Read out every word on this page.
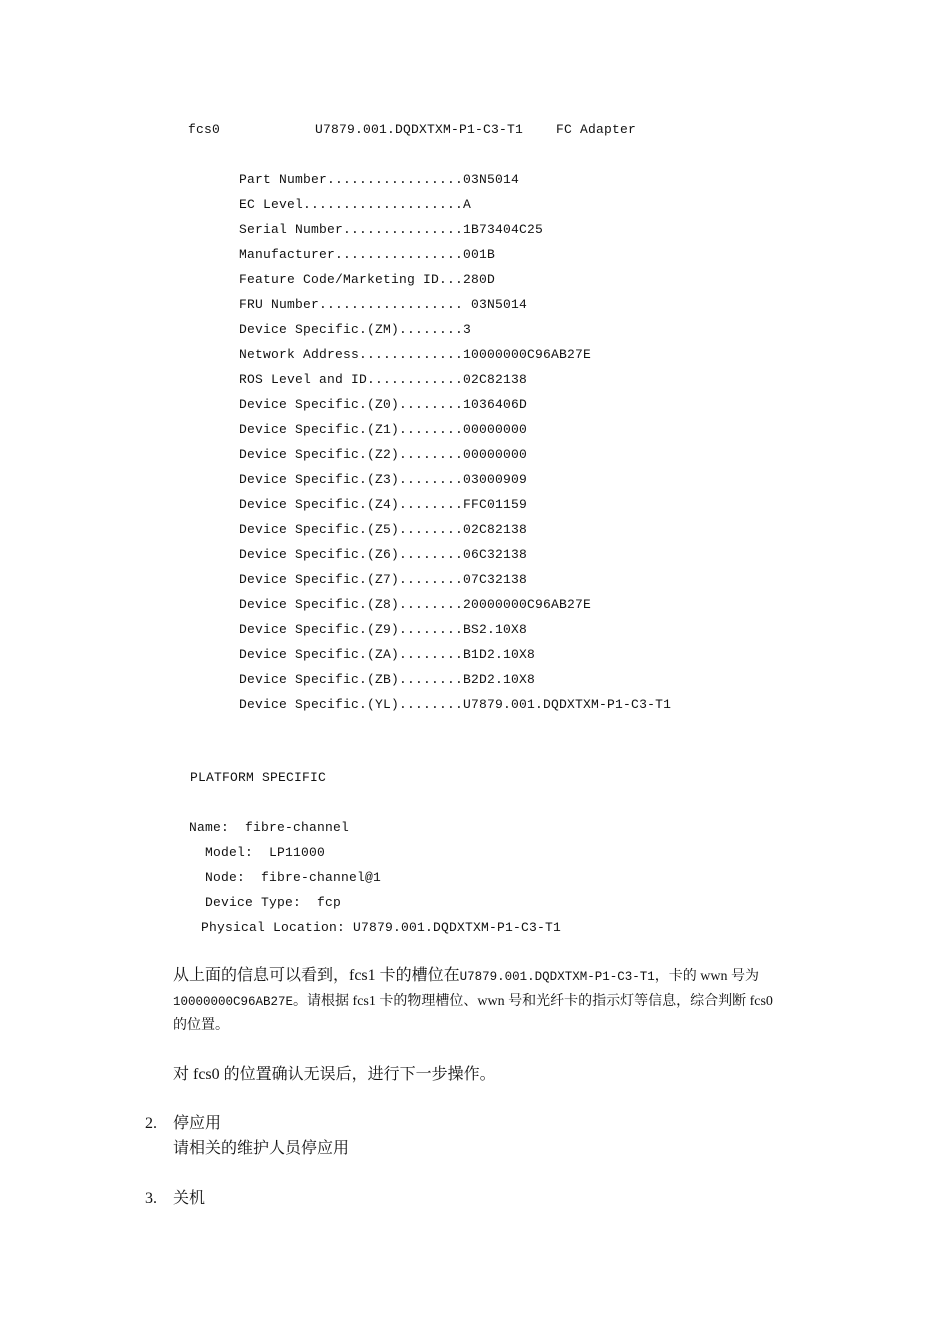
fcs0	U7879.001.DQDXTXM-P1-C3-T1	FC Adapter
Part Number.................03N5014
EC Level....................A
Serial Number...............1B73404C25
Manufacturer................001B
Feature Code/Marketing ID...280D
FRU Number.................. 03N5014
Device Specific.(ZM)........3
Network Address.............10000000C96AB27E
ROS Level and ID............02C82138
Device Specific.(Z0)........1036406D
Device Specific.(Z1)........00000000
Device Specific.(Z2)........00000000
Device Specific.(Z3)........03000909
Device Specific.(Z4)........FFC01159
Device Specific.(Z5)........02C82138
Device Specific.(Z6)........06C32138
Device Specific.(Z7)........07C32138
Device Specific.(Z8)........20000000C96AB27E
Device Specific.(Z9)........BS2.10X8
Device Specific.(ZA)........B1D2.10X8
Device Specific.(ZB)........B2D2.10X8
Device Specific.(YL)........U7879.001.DQDXTXM-P1-C3-T1
PLATFORM SPECIFIC
Name:  fibre-channel
Model:  LP11000
Node:  fibre-channel@1
Device Type:  fcp
Physical Location: U7879.001.DQDXTXM-P1-C3-T1
从上面的信息可以看到，fcs1 卡的槽位在U7879.001.DQDXTXM-P1-C3-T1，卡的 wwn 号为
10000000C96AB27E。请根据 fcs1 卡的物理槽位、wwn 号和光纤卡的指示灯等信息，综合判断 fcs0
的位置。
对 fcs0 的位置确认无误后，进行下一步操作。
2. 停应用
请相关的维护人员停应用
3. 关机
